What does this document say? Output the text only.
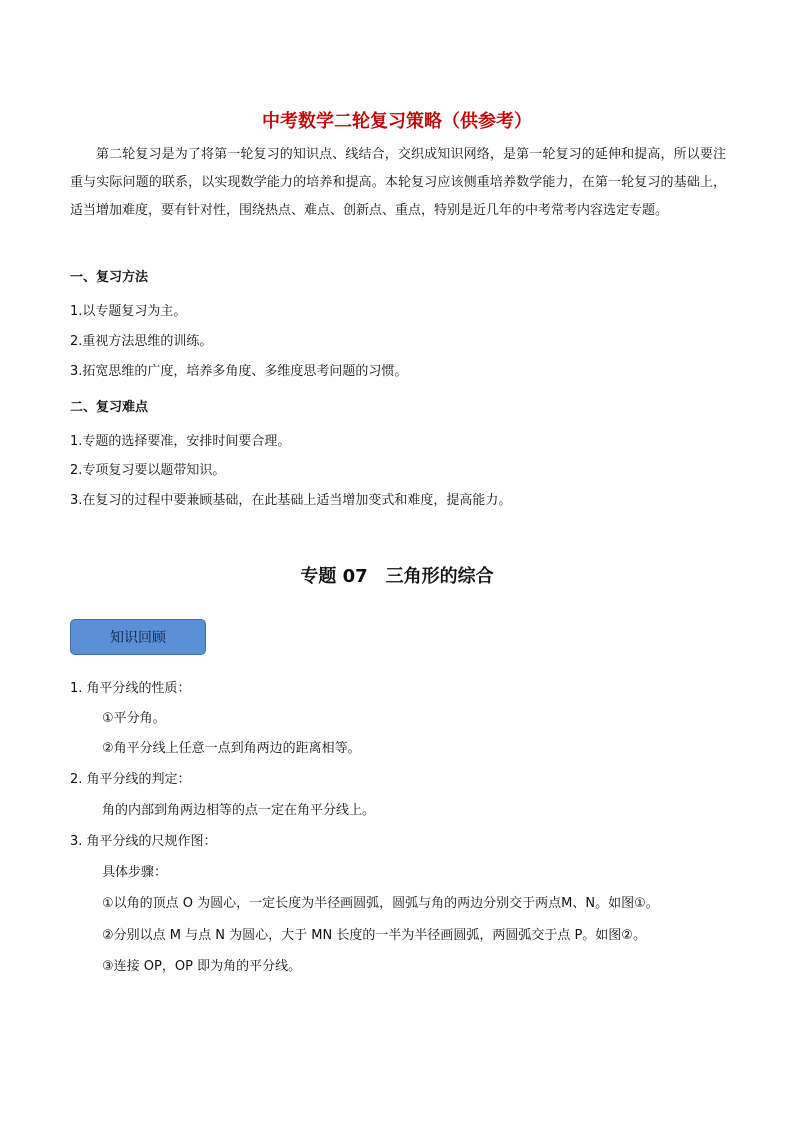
中考数学二轮复习策略（供参考）
第二轮复习是为了将第一轮复习的知识点、线结合，交织成知识网络，是第一轮复习的延伸和提高，所以要注重与实际问题的联系，以实现数学能力的培养和提高。本轮复习应该侧重培养数学能力，在第一轮复习的基础上，适当增加难度，要有针对性，围绕热点、难点、创新点、重点，特别是近几年的中考常考内容选定专题。
一、复习方法
1.以专题复习为主。
2.重视方法思维的训练。
3.拓宽思维的广度，培养多角度、多维度思考问题的习惯。
二、复习难点
1.专题的选择要准，安排时间要合理。
2.专项复习要以题带知识。
3.在复习的过程中要兼顾基础，在此基础上适当增加变式和难度，提高能力。
专题 07　三角形的综合
知识回顾
1. 角平分线的性质：
①平分角。
②角平分线上任意一点到角两边的距离相等。
2. 角平分线的判定：
角的内部到角两边相等的点一定在角平分线上。
3. 角平分线的尺规作图：
具体步骤：
①以角的顶点 O 为圆心，一定长度为半径画圆弧，圆弧与角的两边分别交于两点M、N。如图①。
②分别以点 M 与点 N 为圆心，大于 MN 长度的一半为半径画圆弧，两圆弧交于点 P。如图②。
③连接 OP，OP 即为角的平分线。
